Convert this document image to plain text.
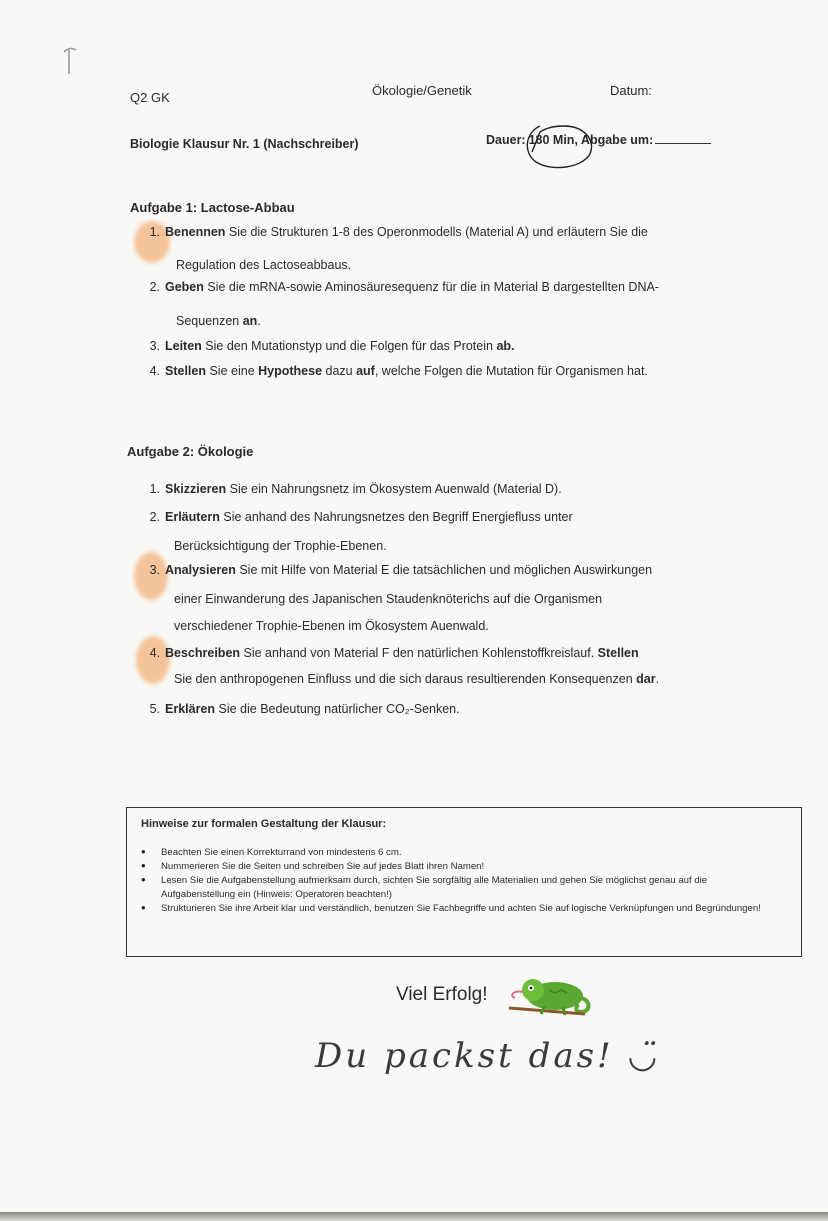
Q2 GK	Ökologie/Genetik	Datum:
Biologie Klausur Nr. 1 (Nachschreiber)	Dauer: 180 Min, Abgabe um:
Aufgabe 1: Lactose-Abbau
1. Benennen Sie die Strukturen 1-8 des Operonmodells (Material A) und erläutern Sie die
Regulation des Lactoseabbaus.
2. Geben Sie die mRNA-sowie Aminosäuresequenz für die in Material B dargestellten DNA-
Sequenzen an.
3. Leiten Sie den Mutationstyp und die Folgen für das Protein ab.
4. Stellen Sie eine Hypothese dazu auf, welche Folgen die Mutation für Organismen hat.
Aufgabe 2: Ökologie
1. Skizzieren Sie ein Nahrungsnetz im Ökosystem Auenwald (Material D).
2. Erläutern Sie anhand des Nahrungsnetzes den Begriff Energiefluss unter
Berücksichtigung der Trophie-Ebenen.
3. Analysieren Sie mit Hilfe von Material E die tatsächlichen und möglichen Auswirkungen
einer Einwanderung des Japanischen Staudenknöterichs auf die Organismen
verschiedener Trophie-Ebenen im Ökosystem Auenwald.
4. Beschreiben Sie anhand von Material F den natürlichen Kohlenstoffkreislauf. Stellen
Sie den anthropogenen Einfluss und die sich daraus resultierenden Konsequenzen dar.
5. Erklären Sie die Bedeutung natürlicher CO₂-Senken.
Hinweise zur formalen Gestaltung der Klausur:
• Beachten Sie einen Korrekturrand von mindestens 6 cm.
• Nummerieren Sie die Seiten und schreiben Sie auf jedes Blatt ihren Namen!
• Lesen Sie die Aufgabenstellung aufmerksam durch, sichten Sie sorgfältig alle Materialien und gehen Sie möglichst genau auf die Aufgabenstellung ein (Hinweis: Operatoren beachten!)
• Strukturieren Sie ihre Arbeit klar und verständlich, benutzen Sie Fachbegriffe und achten Sie auf logische Verknüpfungen und Begründungen!
Viel Erfolg!
Du packst das! ◡̈
